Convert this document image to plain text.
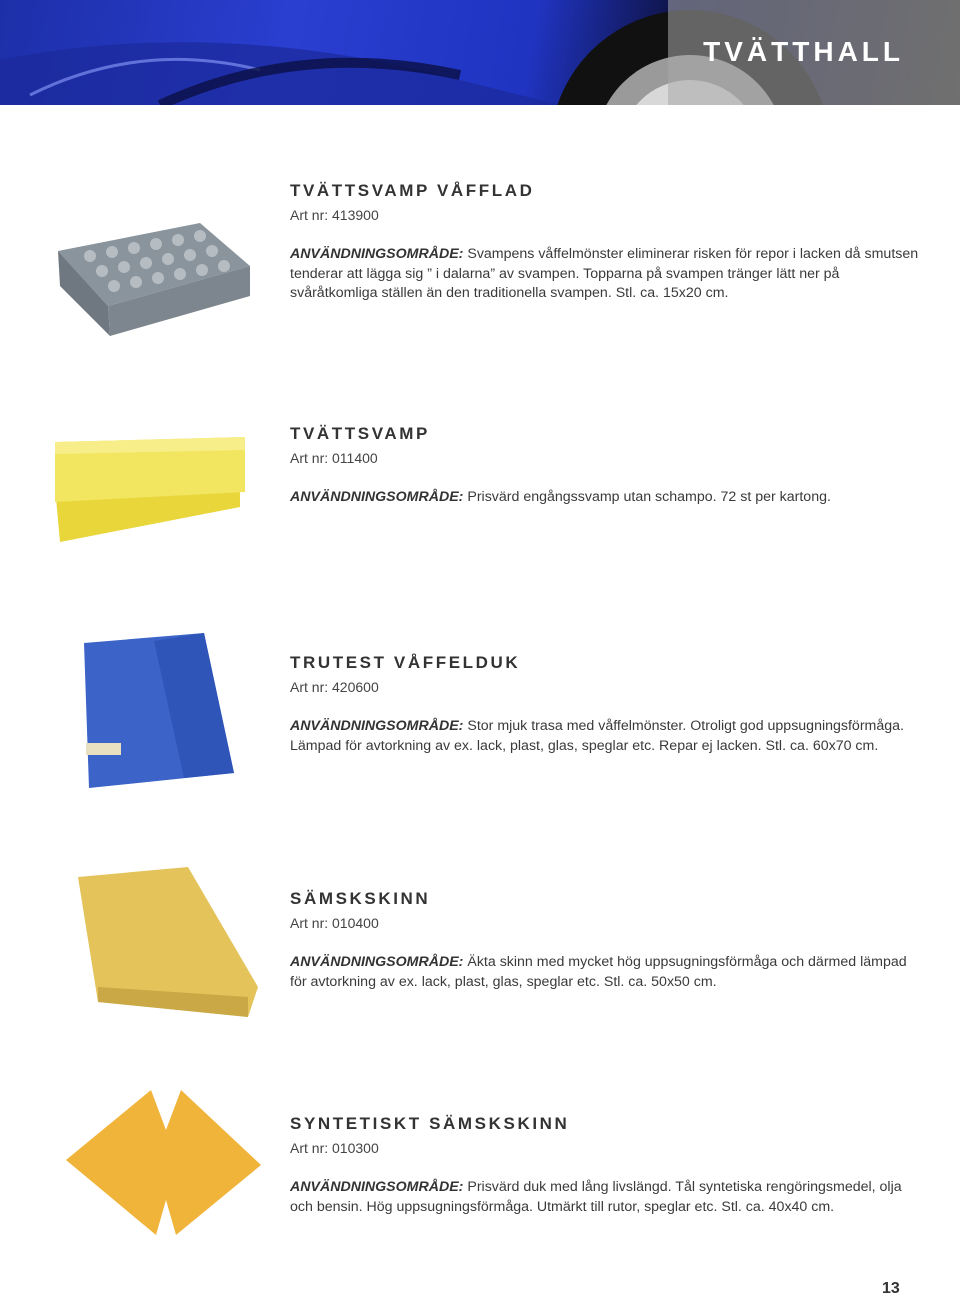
TVÄTTHALL
TVÄTTSVAMP VÅFFLAD
Art nr: 413900
ANVÄNDNINGSOMRÅDE: Svampens våffelmönster eliminerar risken för repor i lacken då smutsen tenderar att lägga sig ” i dalarna” av svampen. Topparna på svampen tränger lätt ner på svåråtkomliga ställen än den traditionella svampen. Stl. ca. 15x20 cm.
TVÄTTSVAMP
Art nr: 011400
ANVÄNDNINGSOMRÅDE: Prisvärd engångssvamp utan schampo. 72 st per kartong.
TRUTEST VÅFFELDUK
Art nr: 420600
ANVÄNDNINGSOMRÅDE: Stor mjuk trasa med våffelmönster. Otroligt god uppsugningsförmåga. Lämpad för avtorkning av ex. lack, plast, glas, speglar etc. Repar ej lacken. Stl. ca. 60x70 cm.
SÄMSKSKINN
Art nr: 010400
ANVÄNDNINGSOMRÅDE: Äkta skinn med mycket hög uppsugningsförmåga och därmed lämpad för avtorkning av ex. lack, plast, glas, speglar etc. Stl. ca. 50x50 cm.
SYNTETISKT SÄMSKSKINN
Art nr: 010300
ANVÄNDNINGSOMRÅDE: Prisvärd duk med lång livslängd. Tål syntetiska rengöringsmedel, olja och bensin. Hög uppsugningsförmåga. Utmärkt till rutor, speglar etc. Stl. ca. 40x40 cm.
13
